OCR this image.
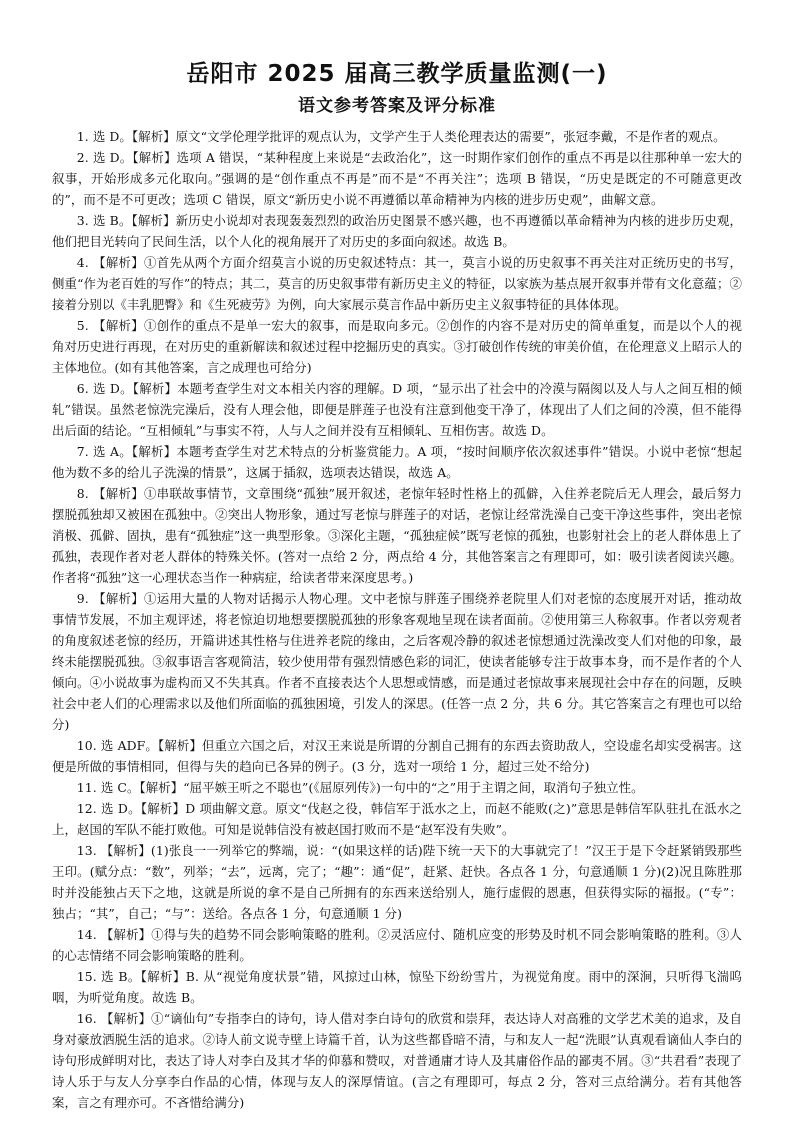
岳阳市 2025 届高三教学质量监测(一)
语文参考答案及评分标准

1. 选 D。【解析】原文“文学伦理学批评的观点认为，文学产生于人类伦理表达的需要”，张冠李戴，不是作者的观点。

2. 选 D。【解析】选项 A 错误，“某种程度上来说是“去政治化”，这一时期作家们创作的重点不再是以往那种单一宏大的叙事，开始形成多元化取向。”强调的是“创作重点不再是”而不是“不再关注”；选项 B 错误，“历史是既定的不可随意更改的”，而不是不可更改；选项 C 错误，原文“新历史小说不再遵循以革命精神为内核的进步历史观”，曲解文意。

3. 选 B。【解析】新历史小说却对表现轰轰烈烈的政治历史图景不感兴趣，也不再遵循以革命精神为内核的进步历史观，他们把目光转向了民间生活，以个人化的视角展开了对历史的多面向叙述。故选 B。

4. 【解析】①首先从两个方面介绍莫言小说的历史叙述特点：其一，莫言小说的历史叙事不再关注对正统历史的书写，侧重“作为老百姓的写作”的特点；其二，莫言的历史叙事带有新历史主义的特征，以家族为基点展开叙事并带有文化意蕴；②接着分别以《丰乳肥臀》和《生死疲劳》为例，向大家展示莫言作品中新历史主义叙事特征的具体体现。

5. 【解析】①创作的重点不是单一宏大的叙事，而是取向多元。②创作的内容不是对历史的简单重复，而是以个人的视角对历史进行再现，在对历史的重新解读和叙述过程中挖掘历史的真实。③打破创作传统的审美价值，在伦理意义上昭示人的主体地位。(如有其他答案，言之成理也可给分)

6. 选 D。【解析】本题考查学生对文本相关内容的理解。D 项，“显示出了社会中的冷漠与隔阂以及人与人之间互相的倾轧”错误。虽然老惊洗完澡后，没有人理会他，即便是胖莲子也没有注意到他变干净了，体现出了人们之间的冷漠，但不能得出后面的结论。“互相倾轧”与事实不符，人与人之间并没有互相倾轧、互相伤害。故选 D。

7. 选 A。【解析】本题考查学生对艺术特点的分析鉴赏能力。A 项，“按时间顺序依次叙述事件”错误。小说中老惊“想起他为数不多的给儿子洗澡的情景”，这属于插叙，选项表达错误，故选 A。

8. 【解析】①串联故事情节，文章围绕“孤独”展开叙述，老惊年轻时性格上的孤僻，入住养老院后无人理会，最后努力摆脱孤独却又被困在孤独中。②突出人物形象，通过写老惊与胖莲子的对话，老惊让经常洗澡自己变干净这些事件，突出老惊消极、孤僻、固执，患有“孤独症”这一典型形象。③深化主题，“孤独症候”既写老惊的孤独，也影射社会上的老人群体患上了孤独，表现作者对老人群体的特殊关怀。(答对一点给 2 分，两点给 4 分，其他答案言之有理即可，如：吸引读者阅读兴趣。作者将“孤独”这一心理状态当作一种病症，给读者带来深度思考。)

9. 【解析】①运用大量的人物对话揭示人物心理。文中老惊与胖莲子围绕养老院里人们对老惊的态度展开对话，推动故事情节发展，不加主观评述，将老惊迫切地想要摆脱孤独的形象客观地呈现在读者面前。②使用第三人称叙事。作者以旁观者的角度叙述老惊的经历，开篇讲述其性格与住进养老院的缘由，之后客观冷静的叙述老惊想通过洗澡改变人们对他的印象，最终未能摆脱孤独。③叙事语言客观简洁，较少使用带有强烈情感色彩的词汇，使读者能够专注于故事本身，而不是作者的个人倾向。④小说故事为虚构而又不失其真。作者不直接表达个人思想或情感，而是通过老惊故事来展现社会中存在的问题，反映社会中老人们的心理需求以及他们所面临的孤独困境，引发人的深思。(任答一点 2 分，共 6 分。其它答案言之有理也可以给分)

10. 选 ADF。【解析】但重立六国之后，对汉王来说是所谓的分割自己拥有的东西去资助敌人，空设虚名却实受祸害。这便是所做的事情相同，但得与失的趋向已各异的例子。(3 分，选对一项给 1 分，超过三处不给分)

11. 选 C。【解析】“屈平嫉王听之不聪也”(《屈原列传》)一句中的“之”用于主谓之间，取消句子独立性。

12. 选 D。【解析】D 项曲解文意。原文“伐赵之役，韩信军于泜水之上，而赵不能败(之)”意思是韩信军队驻扎在泜水之上，赵国的军队不能打败他。可知是说韩信没有被赵国打败而不是“赵军没有失败”。

13. 【解析】(1)张良一一列举它的弊端，说：“(如果这样的话)陛下统一天下的大事就完了！”汉王于是下令赶紧销毁那些王印。(赋分点：“数”，列举；“去”，远离，完了；“趣”：通“促”，赶紧、赶快。各点各 1 分，句意通顺 1 分)(2)况且陈胜那时并没能独占天下之地，这就是所说的拿不是自己所拥有的东西来送给别人，施行虚假的恩惠，但获得实际的福报。(“专”：独占；“其”，自己；“与”：送给。各点各 1 分，句意通顺 1 分)

14. 【解析】①得与失的趋势不同会影响策略的胜利。②灵活应付、随机应变的形势及时机不同会影响策略的胜利。③人的心志情绪不同会影响策略的胜利。

15. 选 B。【解析】B. 从“视觉角度状景”错，风掠过山林，惊坠下纷纷雪片，为视觉角度。雨中的深涧，只听得飞湍呜咽，为听觉角度。故选 B。

16. 【解析】①“谪仙句”专指李白的诗句，诗人借对李白诗句的欣赏和崇拜，表达诗人对高雅的文学艺术美的追求，及自身对豪放洒脱生活的追求。②诗人前文说寺壁上诗篇千首，认为这些都昏暗不清，与和友人一起“洗眼”认真观看谪仙人李白的诗句形成鲜明对比，表达了诗人对李白及其才华的仰慕和赞叹，对普通庸才诗人及其庸俗作品的鄙夷不屑。③“共君看”表现了诗人乐于与友人分享李白作品的心情，体现与友人的深厚情谊。(言之有理即可，每点 2 分，答对三点给满分。若有其他答案，言之有理亦可。不吝惜给满分)
